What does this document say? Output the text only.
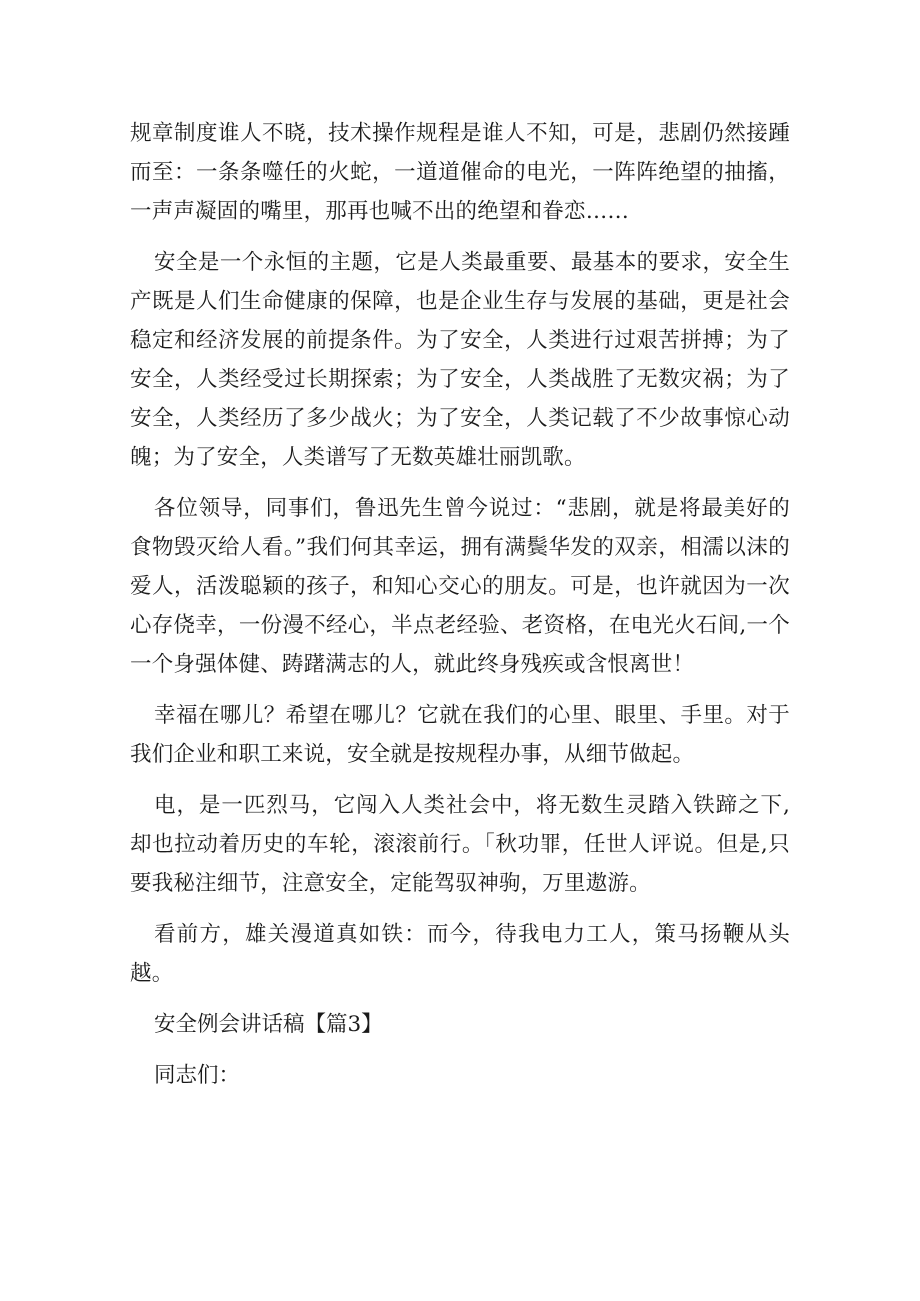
规章制度谁人不晓，技术操作规程是谁人不知，可是，悲剧仍然接踵而至：一条条噬任的火蛇，一道道催命的电光，一阵阵绝望的抽搐，一声声凝固的嘴里，那再也喊不出的绝望和眷恋……

安全是一个永恒的主题，它是人类最重要、最基本的要求，安全生产既是人们生命健康的保障，也是企业生存与发展的基础，更是社会稳定和经济发展的前提条件。为了安全，人类进行过艰苦拼搏；为了安全，人类经受过长期探索；为了安全，人类战胜了无数灾祸；为了安全，人类经历了多少战火；为了安全，人类记载了不少故事惊心动魄；为了安全，人类谱写了无数英雄壮丽凯歌。

各位领导，同事们，鲁迅先生曾今说过：“悲剧，就是将最美好的食物毁灭给人看。”我们何其幸运，拥有满鬓华发的双亲，相濡以沫的爱人，活泼聪颖的孩子，和知心交心的朋友。可是，也许就因为一次心存侥幸，一份漫不经心，半点老经验、老资格，在电光火石间,一个一个身强体健、踌躇满志的人，就此终身残疾或含恨离世！

幸福在哪儿？希望在哪儿？它就在我们的心里、眼里、手里。对于我们企业和职工来说，安全就是按规程办事，从细节做起。

电，是一匹烈马，它闯入人类社会中，将无数生灵踏入铁蹄之下,却也拉动着历史的车轮，滚滚前行。「秋功罪，任世人评说。但是,只要我秘注细节，注意安全，定能驾驭神驹，万里遨游。

看前方，雄关漫道真如铁：而今，待我电力工人，策马扬鞭从头越。

安全例会讲话稿【篇3】

同志们：
